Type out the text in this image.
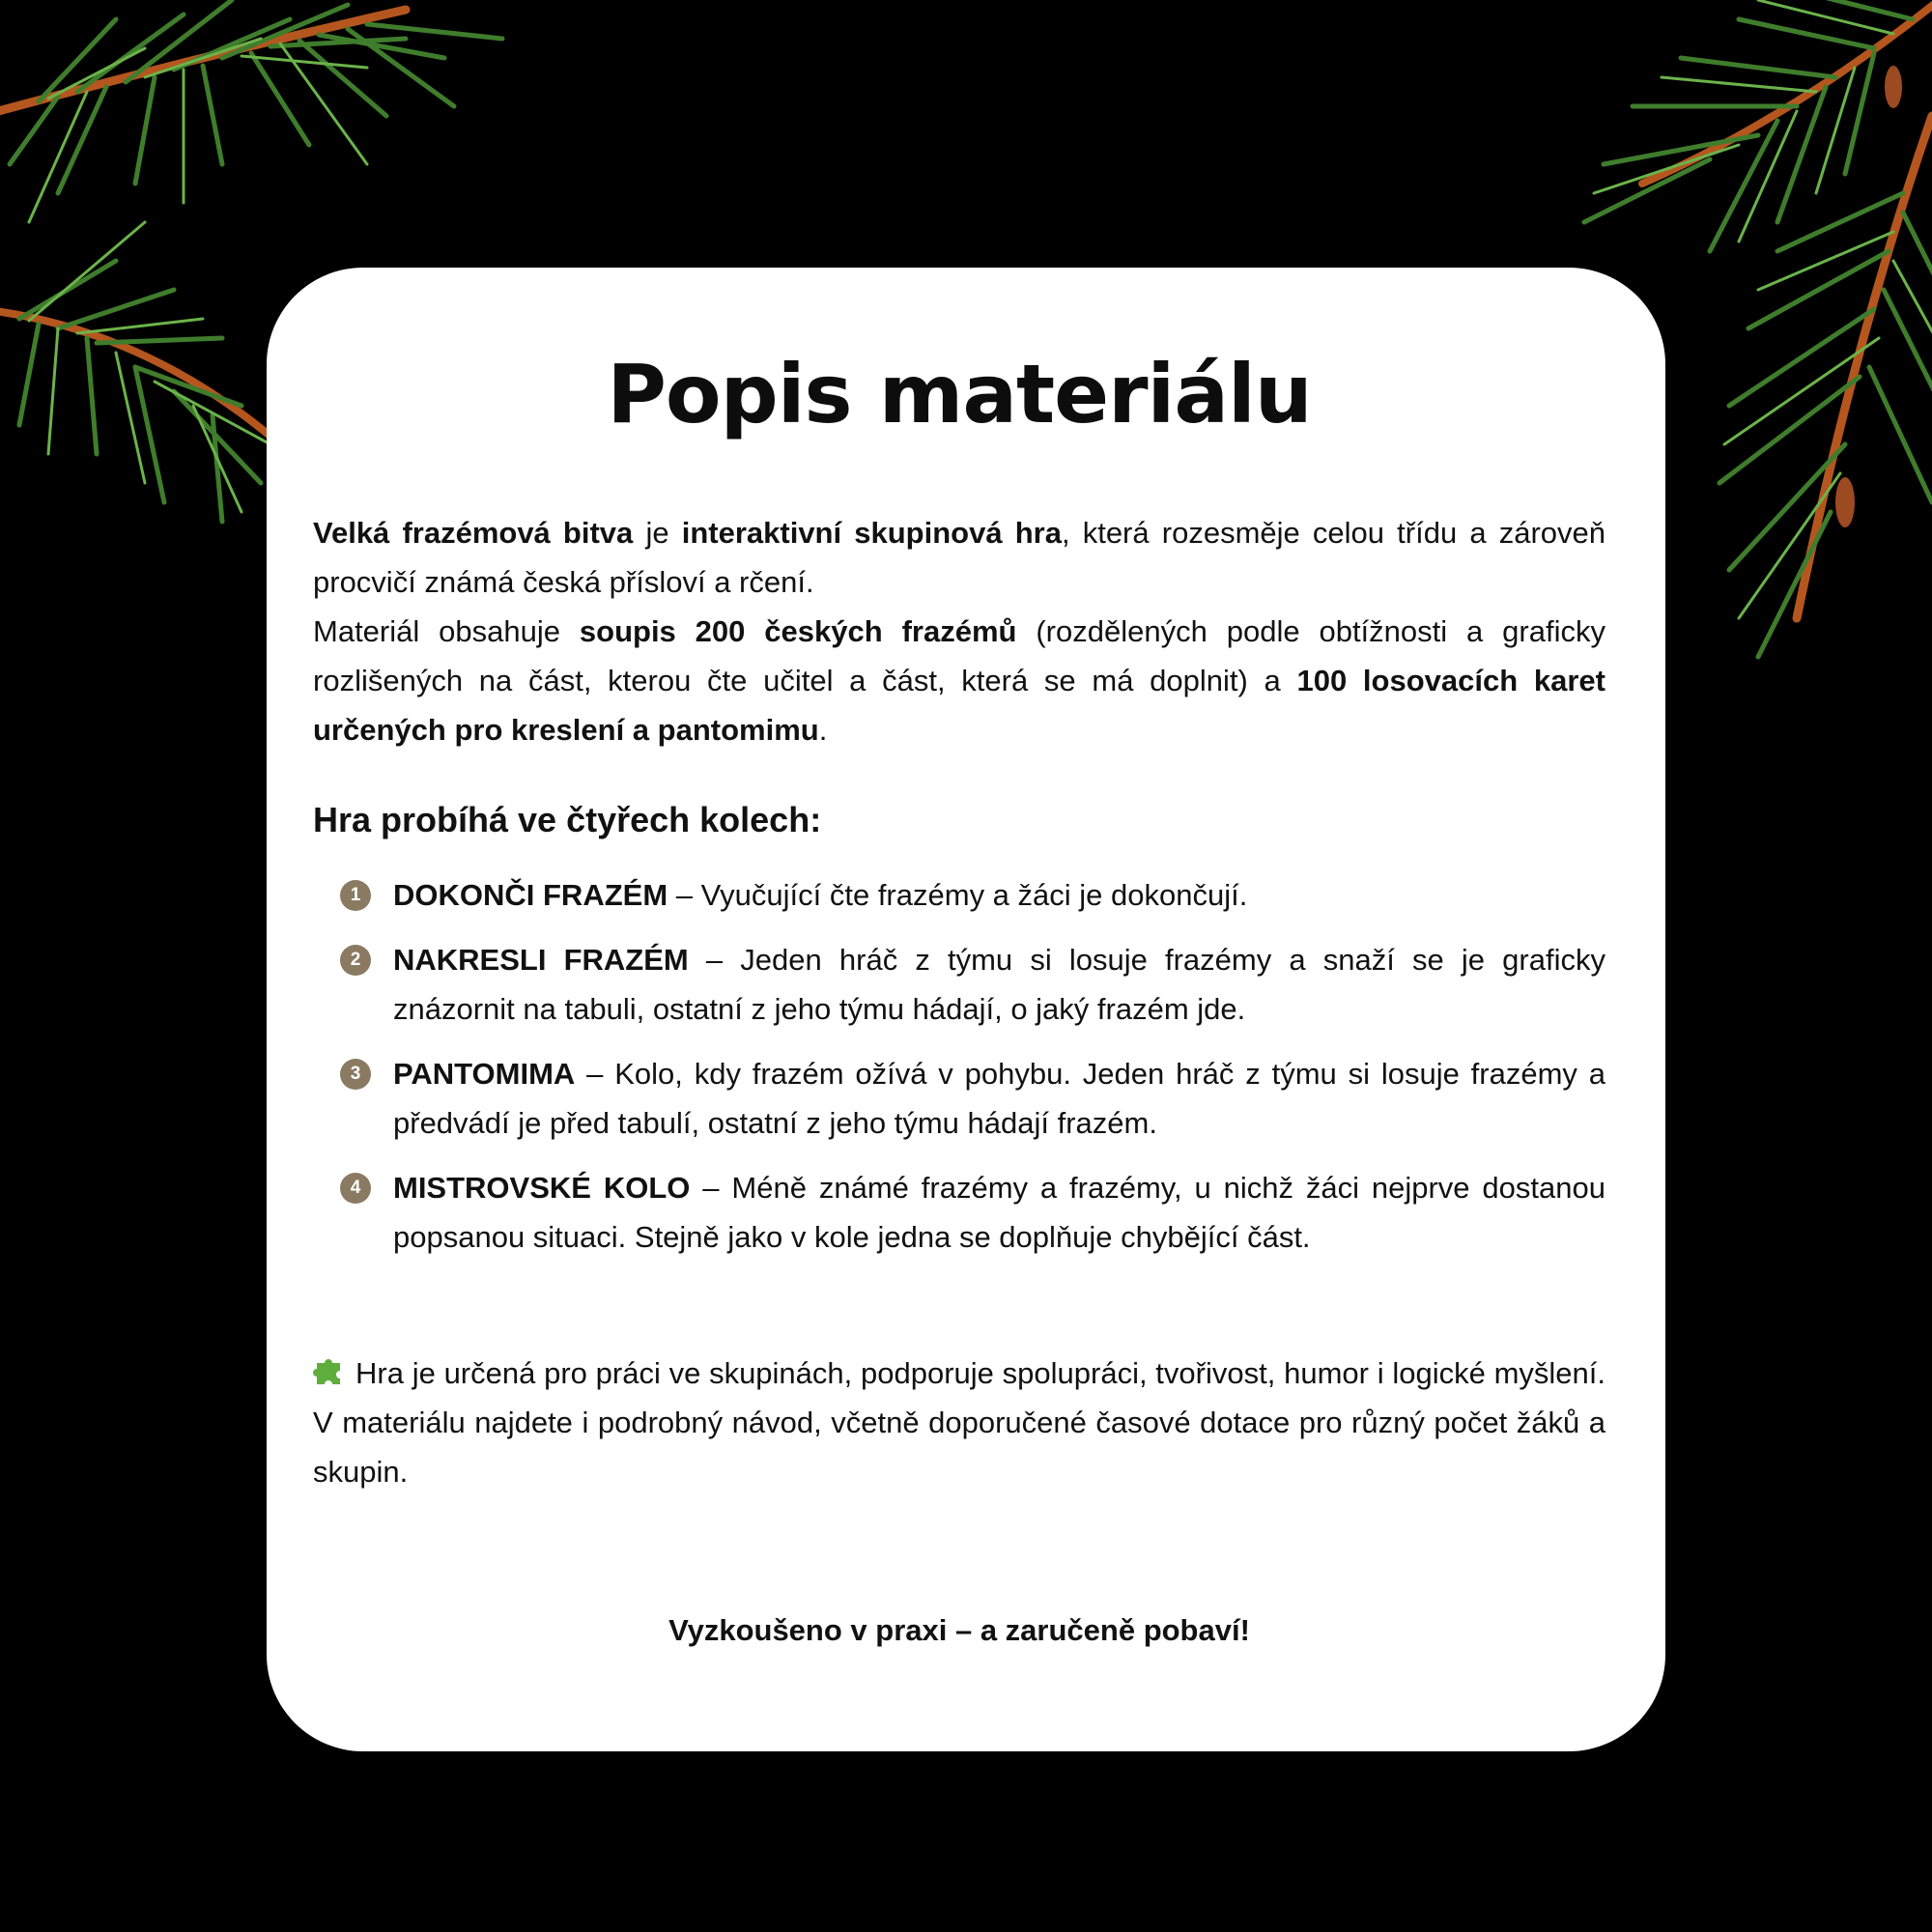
Popis materiálu

Velká frazémová bitva je interaktivní skupinová hra, která rozesměje celou třídu a zároveň procvičí známá česká přísloví a rčení.

Materiál obsahuje soupis 200 českých frazémů (rozdělených podle obtížnosti a graficky rozlišených na část, kterou čte učitel a část, která se má doplnit) a 100 losovacích karet určených pro kreslení a pantomimu.

Hra probíhá ve čtyřech kolech:
1	DOKONČI FRAZÉM – Vyučující čte frazémy a žáci je dokončují.
2	NAKRESLI FRAZÉM – Jeden hráč z týmu si losuje frazémy a snaží se je graficky znázornit na tabuli, ostatní z jeho týmu hádají, o jaký frazém jde.
3	PANTOMIMA – Kolo, kdy frazém ožívá v pohybu. Jeden hráč z týmu si losuje frazémy a předvádí je před tabulí, ostatní z jeho týmu hádají frazém.
4	MISTROVSKÉ KOLO – Méně známé frazémy a frazémy, u nichž žáci nejprve dostanou popsanou situaci. Stejně jako v kole jedna se doplňuje chybějící část.
Hra je určená pro práci ve skupinách, podporuje spolupráci, tvořivost, humor i logické myšlení. V materiálu najdete i podrobný návod, včetně doporučené časové dotace pro různý počet žáků a skupin.
Vyzkoušeno v praxi – a zaručeně pobaví!
